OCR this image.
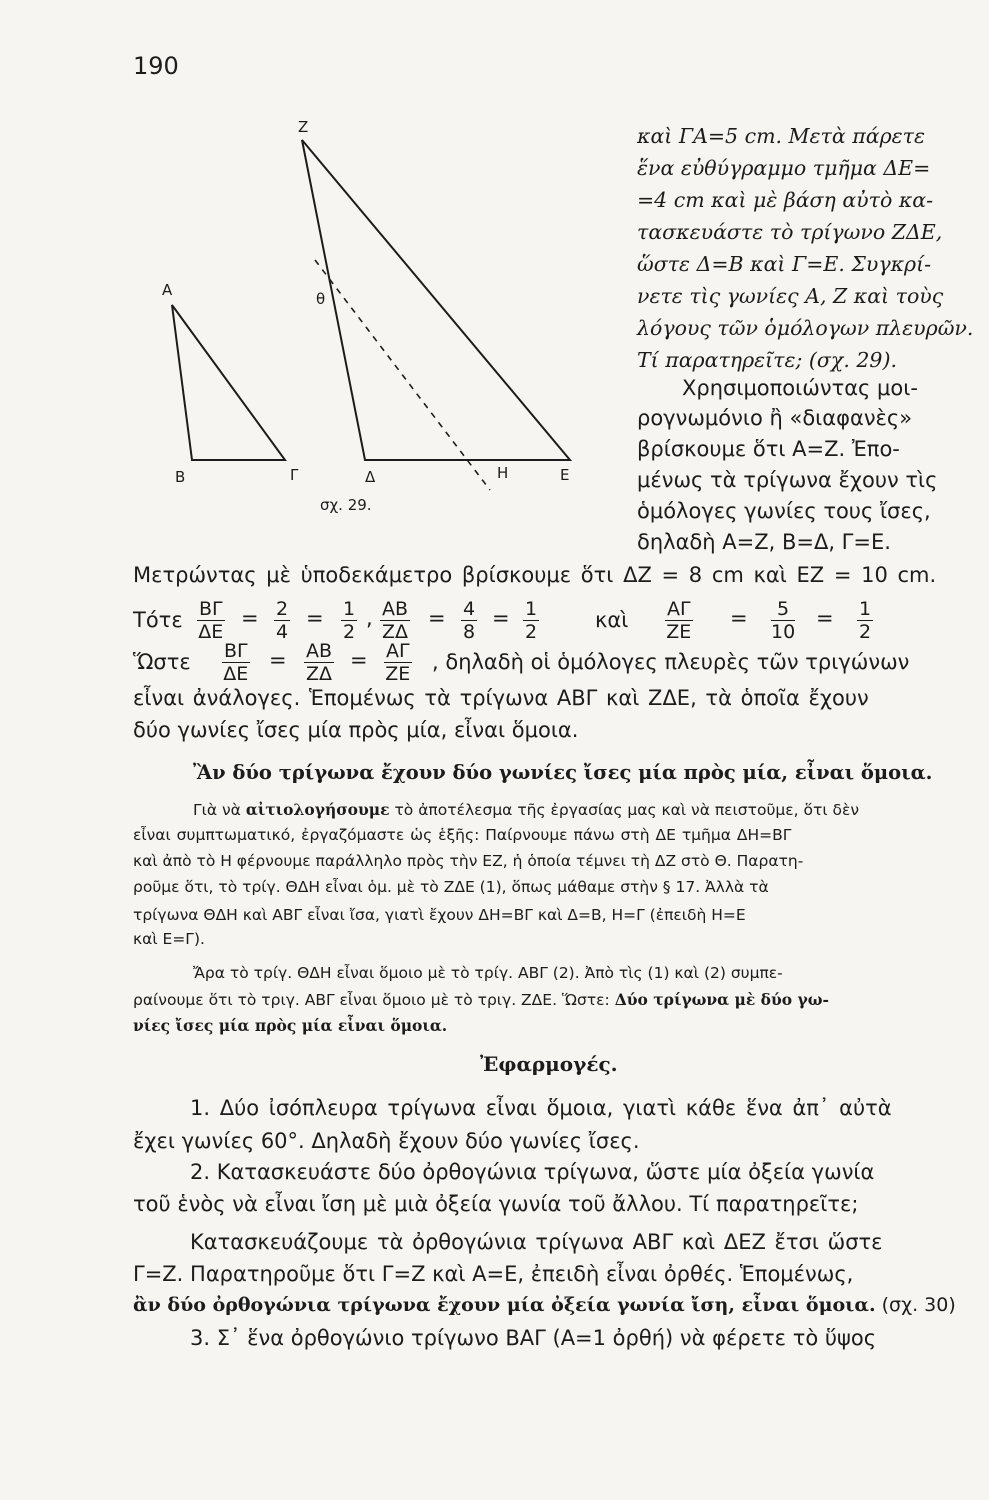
190
Ζ
Α	θ
Β	Γ	Δ	Η	Ε
σχ. 29.
καὶ ΓΑ=5 cm. Μετὰ πάρετε
ἕνα εὐθύγραμμο τμῆμα ΔΕ=
=4 cm καὶ μὲ βάση αὐτὸ κα-
τασκευάστε τὸ τρίγωνο ΖΔΕ,
ὥστε Δ=Β καὶ Γ=Ε. Συγκρί-
νετε τὶς γωνίες Α, Ζ καὶ τοὺς
λόγους τῶν ὁμόλογων πλευρῶν.
Τί παρατηρεῖτε; (σχ. 29).
Χρησιμοποιώντας μοι-
ρογνωμόνιο ἢ «διαφανὲς»
βρίσκουμε ὅτι Α=Ζ. Ἐπο-
μένως τὰ τρίγωνα ἔχουν τὶς
ὁμόλογες γωνίες τους ἴσες,
δηλαδὴ Α=Ζ, Β=Δ, Γ=Ε.
Μετρώντας μὲ ὑποδεκάμετρο βρίσκουμε ὅτι ΔΖ = 8 cm καὶ ΕΖ = 10 cm.
Τότε $\frac{B\Gamma}{\Delta E} = \frac{2}{4} = \frac{1}{2}$ , $\frac{AB}{Z\Delta} = \frac{4}{8} = \frac{1}{2}$	καὶ $\frac{A\Gamma}{ZE} = \frac{5}{10} = \frac{1}{2}$
Ὥστε $\frac{B\Gamma}{\Delta E} = \frac{AB}{Z\Delta} = \frac{A\Gamma}{ZE}$ , δηλαδὴ οἱ ὁμόλογες πλευρὲς τῶν τριγώνων
εἶναι ἀνάλογες. Ἑπομένως τὰ τρίγωνα ΑΒΓ καὶ ΖΔΕ, τὰ ὁποῖα ἔχουν
δύο γωνίες ἴσες μία πρὸς μία, εἶναι ὅμοια.
Ἂν δύο τρίγωνα ἔχουν δύο γωνίες ἴσες μία πρὸς μία, εἶναι ὅμοια.
Γιὰ νὰ αἰτιολογήσουμε τὸ ἀποτέλεσμα τῆς ἐργασίας μας καὶ νὰ πειστοῦμε, ὅτι δὲν
εἶναι συμπτωματικό, ἐργαζόμαστε ὡς ἑξῆς: Παίρνουμε πάνω στὴ ΔΕ τμῆμα ΔΗ=ΒΓ
καὶ ἀπὸ τὸ Η φέρνουμε παράλληλο πρὸς τὴν ΕΖ, ἡ ὁποία τέμνει τὴ ΔΖ στὸ Θ. Παρατη-
ροῦμε ὅτι, τὸ τρίγ. ΘΔΗ εἶναι ὁμ. μὲ τὸ ΖΔΕ (1), ὅπως μάθαμε στὴν § 17. Ἀλλὰ τὰ
τρίγωνα ΘΔΗ καὶ ΑΒΓ εἶναι ἴσα, γιατὶ ἔχουν ΔΗ=ΒΓ καὶ Δ=Β, Η=Γ (ἐπειδὴ Η=Ε
καὶ Ε=Γ).
Ἄρα τὸ τρίγ. ΘΔΗ εἶναι ὅμοιο μὲ τὸ τρίγ. ΑΒΓ (2). Ἀπὸ τὶς (1) καὶ (2) συμπε-
ραίνουμε ὅτι τὸ τριγ. ΑΒΓ εἶναι ὅμοιο μὲ τὸ τριγ. ΖΔΕ. Ὥστε: Δύο τρίγωνα μὲ δύο γω-
νίες ἴσες μία πρὸς μία εἶναι ὅμοια.
Ἐφαρμογές.
1. Δύο ἰσόπλευρα τρίγωνα εἶναι ὅμοια, γιατὶ κάθε ἕνα ἀπ᾽ αὐτὰ
ἔχει γωνίες 60°. Δηλαδὴ ἔχουν δύο γωνίες ἴσες.
2. Κατασκευάστε δύο ὀρθογώνια τρίγωνα, ὥστε μία ὀξεία γωνία
τοῦ ἑνὸς νὰ εἶναι ἴση μὲ μιὰ ὀξεία γωνία τοῦ ἄλλου. Τί παρατηρεῖτε;
Κατασκευάζουμε τὰ ὀρθογώνια τρίγωνα ΑΒΓ καὶ ΔΕΖ ἔτσι ὥστε
Γ=Ζ. Παρατηροῦμε ὅτι Γ=Ζ καὶ Α=Ε, ἐπειδὴ εἶναι ὀρθές. Ἑπομένως,
ἂν δύο ὀρθογώνια τρίγωνα ἔχουν μία ὀξεία γωνία ἴση, εἶναι ὅμοια. (σχ. 30)
3. Σ᾽ ἕνα ὀρθογώνιο τρίγωνο ΒΑΓ (Α=1 ὀρθή) νὰ φέρετε τὸ ὕψος
